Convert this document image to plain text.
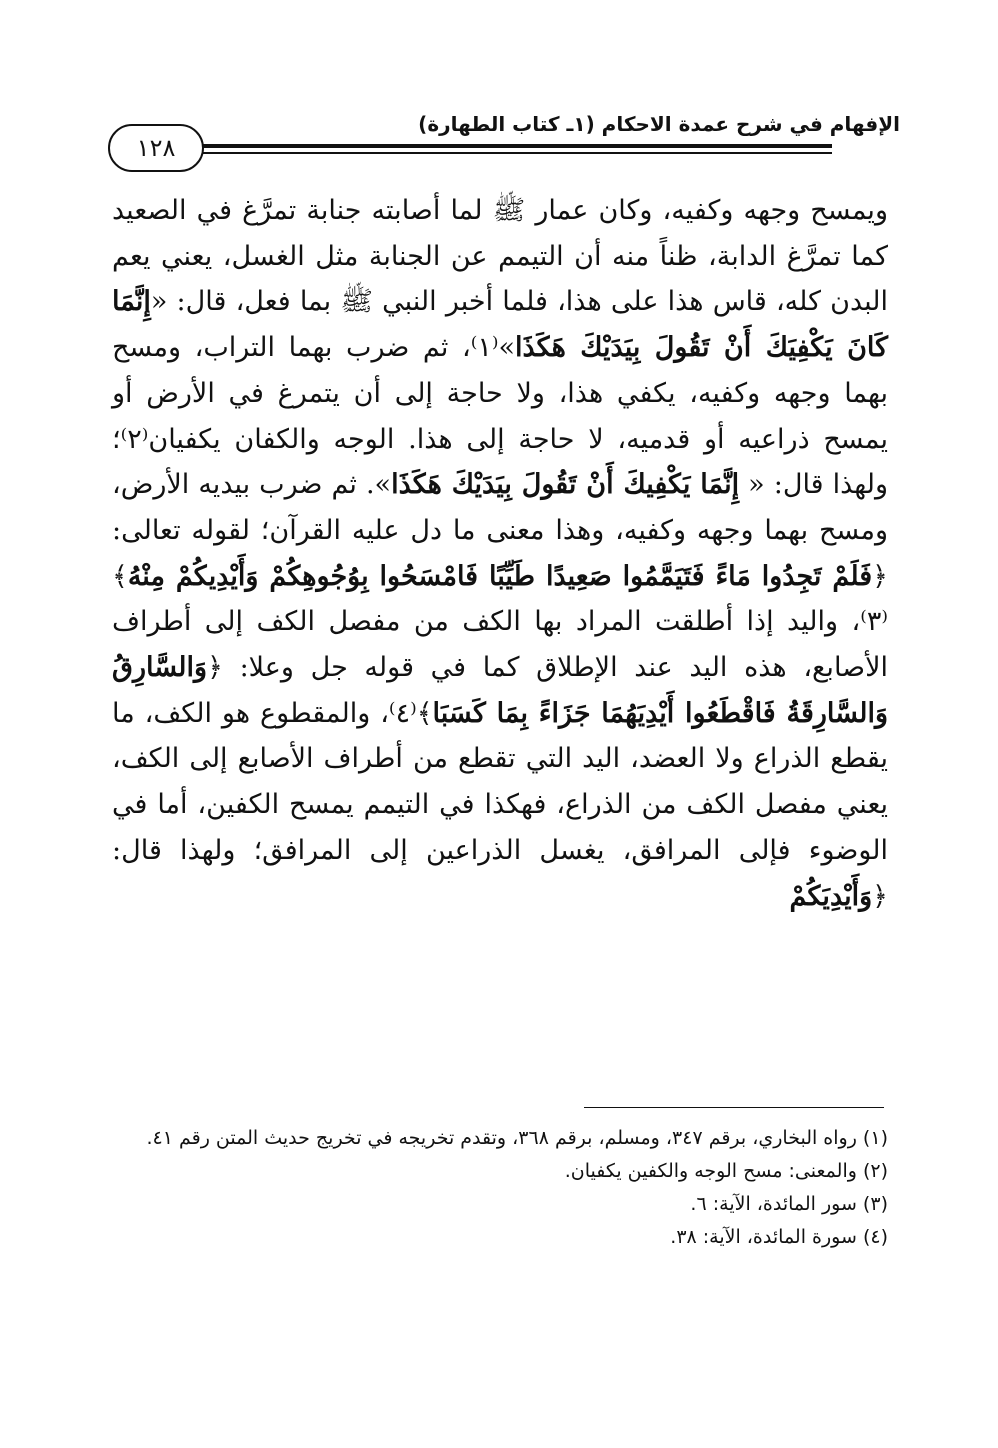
الإفهام في شرح عمدة الاحكام (١ـ كتاب الطهارة)
١٢٨

ويمسح وجهه وكفيه، وكان عمار ﷺ لما أصابته جنابة تمرَّغ في الصعيد كما تمرَّغ الدابة، ظناً منه أن التيمم عن الجنابة مثل الغسل، يعني يعم البدن كله، قاس هذا على هذا، فلما أخبر النبي ﷺ بما فعل، قال: «إِنَّمَا كَانَ يَكْفِيَكَ أَنْ تَقُولَ بِيَدَيْكَ هَكَذَا»⁽١⁾، ثم ضرب بهما التراب، ومسح بهما وجهه وكفيه، يكفي هذا، ولا حاجة إلى أن يتمرغ في الأرض أو يمسح ذراعيه أو قدميه، لا حاجة إلى هذا. الوجه والكفان يكفيان⁽٢⁾؛ ولهذا قال: « إِنَّمَا يَكْفِيكَ أَنْ تَقُولَ بِيَدَيْكَ هَكَذَا». ثم ضرب بيديه الأرض، ومسح بهما وجهه وكفيه، وهذا معنى ما دل عليه القرآن؛ لقوله تعالى: ﴿فَلَمْ تَجِدُوا مَاءً فَتَيَمَّمُوا صَعِيدًا طَيِّبًا فَامْسَحُوا بِوُجُوهِكُمْ وَأَيْدِيكُمْ مِنْهُ﴾⁽٣⁾، واليد إذا أطلقت المراد بها الكف من مفصل الكف إلى أطراف الأصابع، هذه اليد عند الإطلاق كما في قوله جل وعلا: ﴿وَالسَّارِقُ وَالسَّارِقَةُ فَاقْطَعُوا أَيْدِيَهُمَا جَزَاءً بِمَا كَسَبَا﴾⁽٤⁾، والمقطوع هو الكف، ما يقطع الذراع ولا العضد، اليد التي تقطع من أطراف الأصابع إلى الكف، يعني مفصل الكف من الذراع، فهكذا في التيمم يمسح الكفين، أما في الوضوء فإلى المرافق، يغسل الذراعين إلى المرافق؛ ولهذا قال: ﴿وَأَيْدِيَكُمْ

(١) رواه البخاري، برقم ٣٤٧، ومسلم، برقم ٣٦٨، وتقدم تخريجه في تخريج حديث المتن رقم ٤١.
(٢) والمعنى: مسح الوجه والكفين يكفيان.
(٣) سور المائدة، الآية: ٦.
(٤) سورة المائدة، الآية: ٣٨.
